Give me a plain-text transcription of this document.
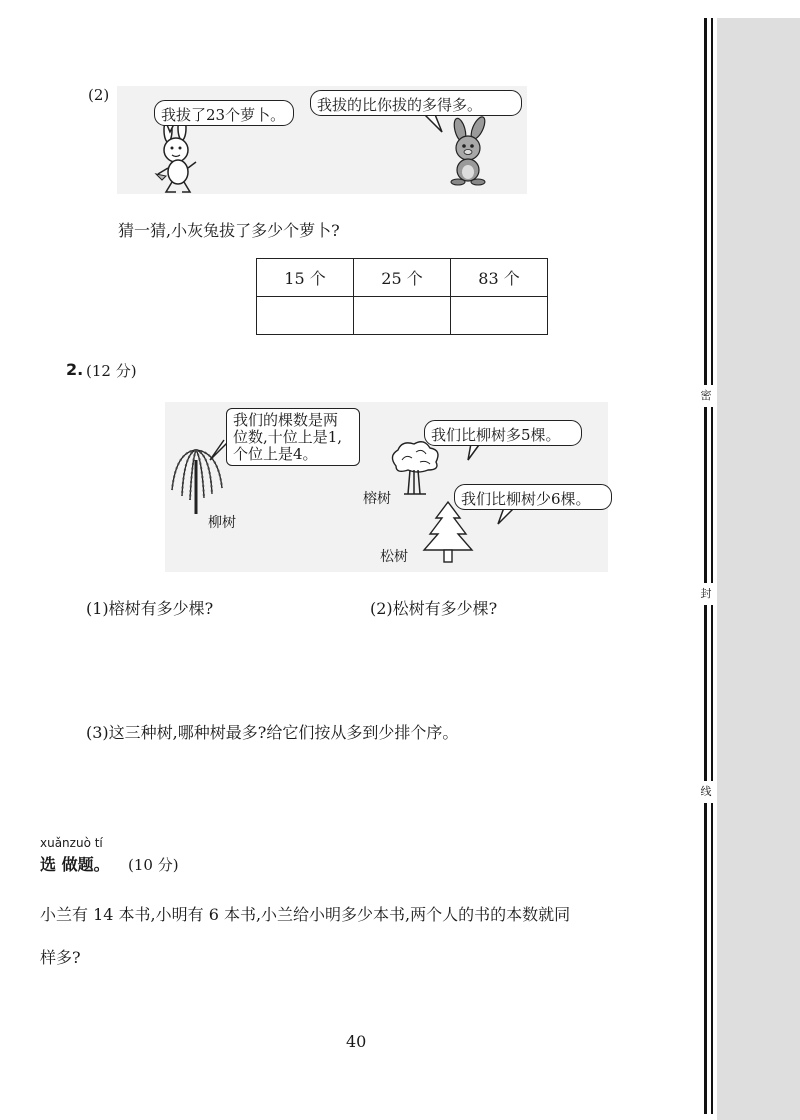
密
封
线
(2)
我拔了23个萝卜。
我拔的比你拔的多得多。
猜一猜,小灰兔拔了多少个萝卜?
15 个	25 个	83 个

2. (12 分)
柳树
我们的棵数是两
位数,十位上是1,
个位上是4。
榕树
我们比柳树多5棵。
松树
我们比柳树少6棵。
(1)榕树有多少棵?	(2)松树有多少棵?
(3)这三种树,哪种树最多?给它们按从多到少排个序。
xuǎnzuò tí
选 做题。 (10 分)
小兰有 14 本书,小明有 6 本书,小兰给小明多少本书,两个人的书的本数就同
样多?
40
